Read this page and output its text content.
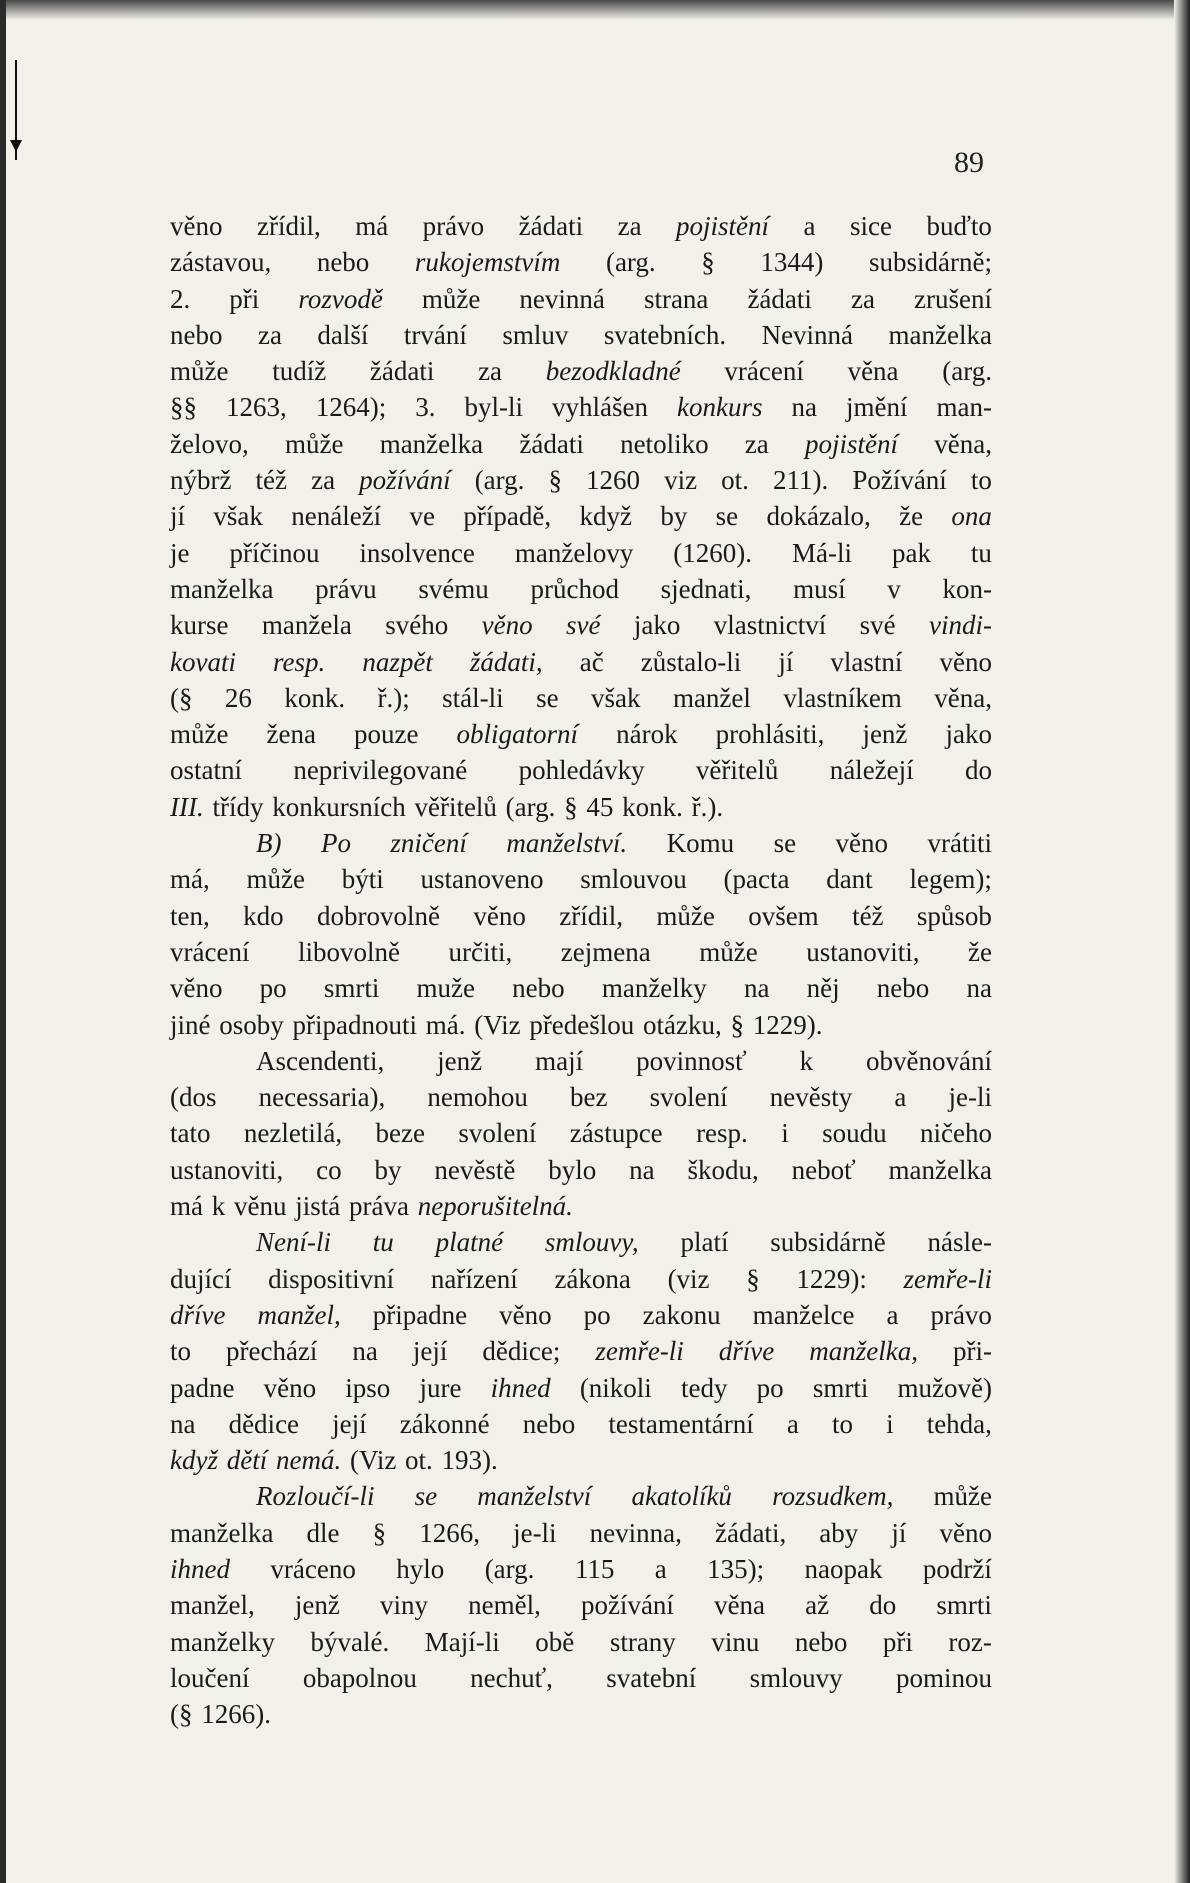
89
věno zřídil, má právo žádati za pojistění a sice buďto
zástavou, nebo rukojemstvím (arg. § 1344) subsidárně;
2. při rozvodě může nevinná strana žádati za zrušení
nebo za další trvání smluv svatebních. Nevinná manželka
může tudíž žádati za bezodkladné vrácení věna (arg.
§§ 1263, 1264); 3. byl-li vyhlášen konkurs na jmění man-
želovo, může manželka žádati netoliko za pojistění věna,
nýbrž též za požívání (arg. § 1260 viz ot. 211). Požívání to
jí však nenáleží ve případě, když by se dokázalo, že ona
je příčinou insolvence manželovy (1260). Má-li pak tu
manželka právu svému průchod sjednati, musí v kon-
kurse manžela svého věno své jako vlastnictví své vindi-
kovati resp. nazpět žádati, ač zůstalo-li jí vlastní věno
(§ 26 konk. ř.); stál-li se však manžel vlastníkem věna,
může žena pouze obligatorní nárok prohlásiti, jenž jako
ostatní neprivilegované pohledávky věřitelů náležejí do
III. třídy konkursních věřitelů (arg. § 45 konk. ř.).
B) Po zničení manželství. Komu se věno vrátiti
má, může býti ustanoveno smlouvou (pacta dant legem);
ten, kdo dobrovolně věno zřídil, může ovšem též spůsob
vrácení libovolně určiti, zejmena může ustanoviti, že
věno po smrti muže nebo manželky na něj nebo na
jiné osoby připadnouti má. (Viz předešlou otázku, § 1229).
Ascendenti, jenž mají povinnosť k obvěnování
(dos necessaria), nemohou bez svolení nevěsty a je-li
tato nezletilá, beze svolení zástupce resp. i soudu ničeho
ustanoviti, co by nevěstě bylo na škodu, neboť manželka
má k věnu jistá práva neporušitelná.
Není-li tu platné smlouvy, platí subsidárně násle-
dující dispositivní nařízení zákona (viz § 1229): zemře-li
dříve manžel, připadne věno po zakonu manželce a právo
to přechází na její dědice; zemře-li dříve manželka, při-
padne věno ipso jure ihned (nikoli tedy po smrti mužově)
na dědice její zákonné nebo testamentární a to i tehda,
když dětí nemá. (Viz ot. 193).
Rozloučí-li se manželství akatolíků rozsudkem, může
manželka dle § 1266, je-li nevinna, žádati, aby jí věno
ihned vráceno hylo (arg. 115 a 135); naopak podrží
manžel, jenž viny neměl, požívání věna až do smrti
manželky bývalé. Mají-li obě strany vinu nebo při roz-
loučení obapolnou nechuť, svatební smlouvy pominou
(§ 1266).
